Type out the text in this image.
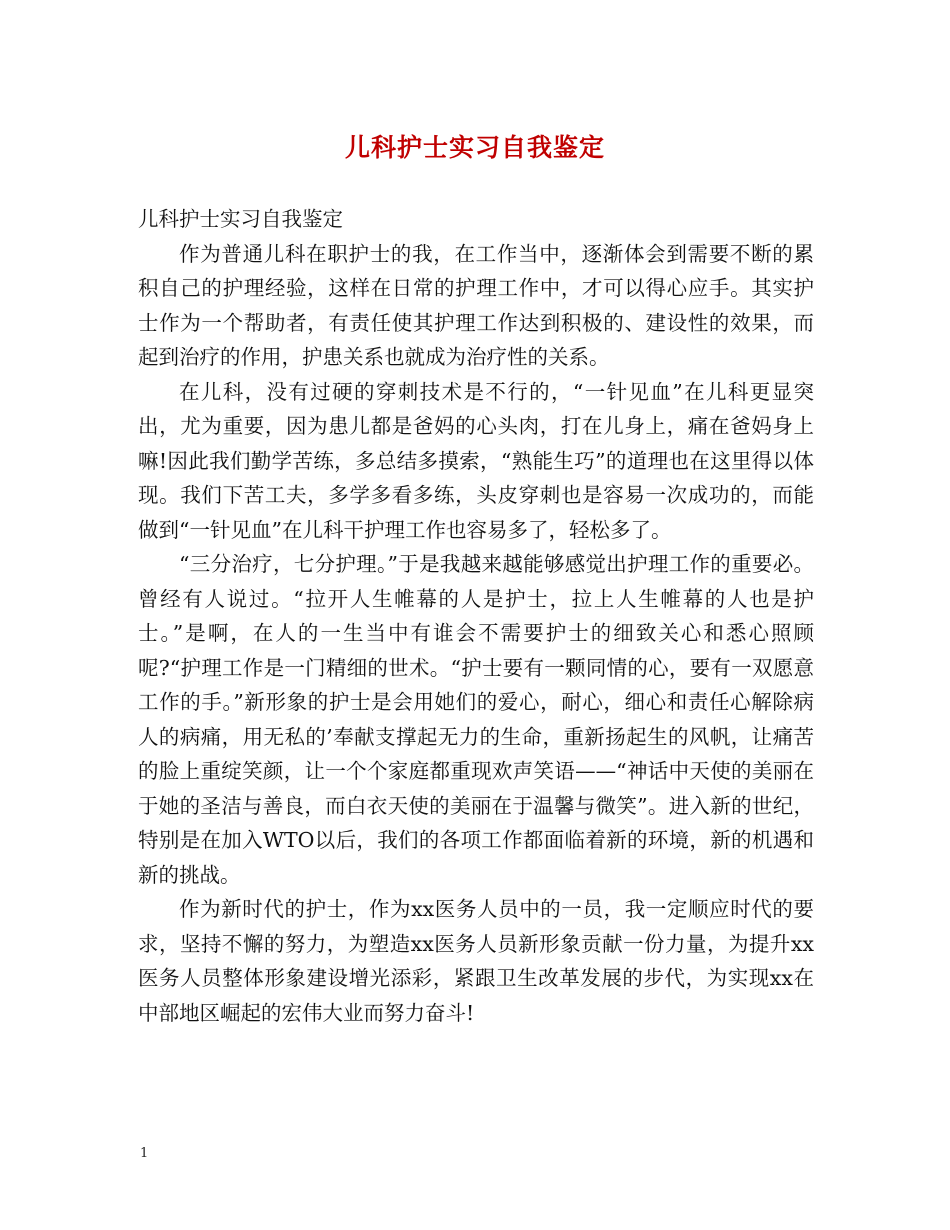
儿科护士实习自我鉴定

儿科护士实习自我鉴定

作为普通儿科在职护士的我，在工作当中，逐渐体会到需要不断的累积自己的护理经验，这样在日常的护理工作中，才可以得心应手。其实护士作为一个帮助者，有责任使其护理工作达到积极的、建设性的效果，而起到治疗的作用，护患关系也就成为治疗性的关系。

在儿科，没有过硬的穿刺技术是不行的，“一针见血”在儿科更显突出，尤为重要，因为患儿都是爸妈的心头肉，打在儿身上，痛在爸妈身上嘛!因此我们勤学苦练，多总结多摸索，“熟能生巧”的道理也在这里得以体现。我们下苦工夫，多学多看多练，头皮穿刺也是容易一次成功的，而能做到“一针见血”在儿科干护理工作也容易多了，轻松多了。

“三分治疗，七分护理。”于是我越来越能够感觉出护理工作的重要必。曾经有人说过。“拉开人生帷幕的人是护士，拉上人生帷幕的人也是护士。”是啊，在人的一生当中有谁会不需要护士的细致关心和悉心照顾呢?“护理工作是一门精细的世术。“护士要有一颗同情的心，要有一双愿意工作的手。”新形象的护士是会用她们的爱心，耐心，细心和责任心解除病人的病痛，用无私的’奉献支撑起无力的生命，重新扬起生的风帆，让痛苦的脸上重绽笑颜，让一个个家庭都重现欢声笑语——“神话中天使的美丽在于她的圣洁与善良，而白衣天使的美丽在于温馨与微笑”。进入新的世纪，特别是在加入WTO以后，我们的各项工作都面临着新的环境，新的机遇和新的挑战。

作为新时代的护士，作为xx医务人员中的一员，我一定顺应时代的要求，坚持不懈的努力，为塑造xx医务人员新形象贡献一份力量，为提升xx医务人员整体形象建设增光添彩，紧跟卫生改革发展的步代，为实现xx在中部地区崛起的宏伟大业而努力奋斗!

1
